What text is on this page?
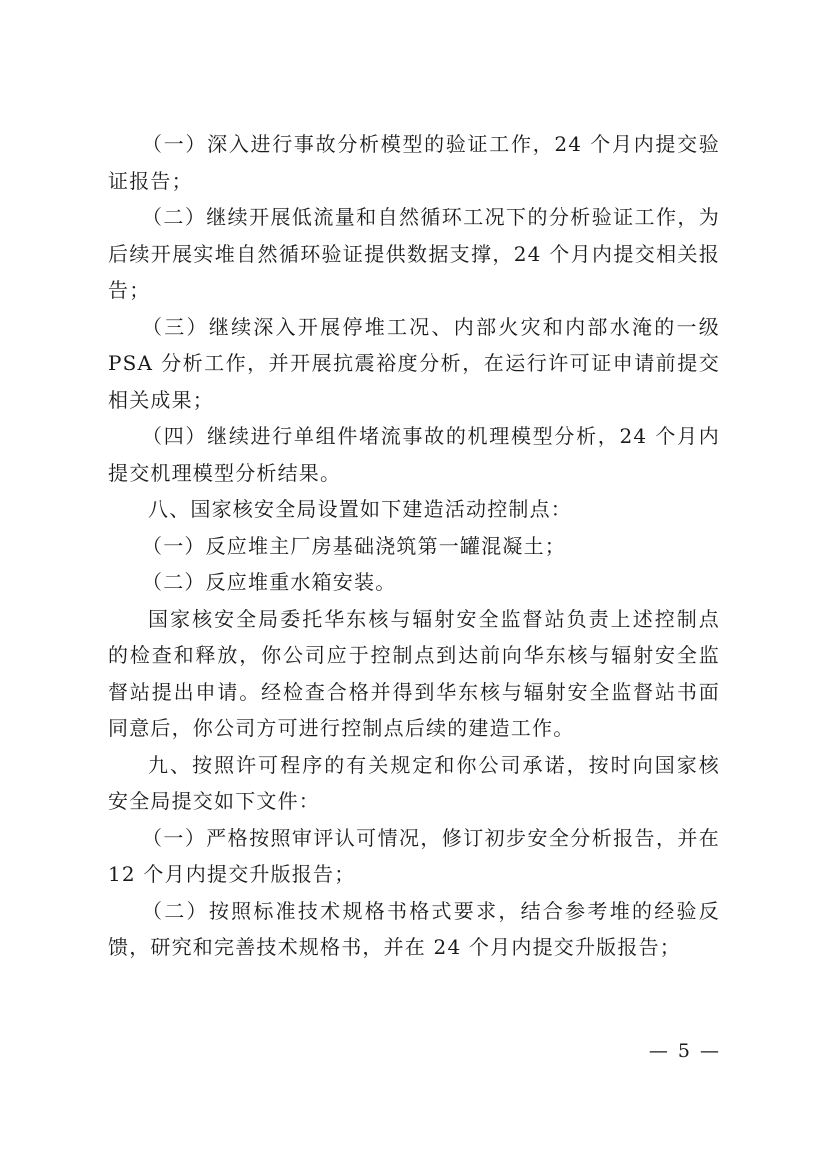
（一）深入进行事故分析模型的验证工作，24 个月内提交验证报告；

（二）继续开展低流量和自然循环工况下的分析验证工作，为后续开展实堆自然循环验证提供数据支撑，24 个月内提交相关报告；

（三）继续深入开展停堆工况、内部火灾和内部水淹的一级 PSA 分析工作，并开展抗震裕度分析，在运行许可证申请前提交相关成果；

（四）继续进行单组件堵流事故的机理模型分析，24 个月内提交机理模型分析结果。

八、国家核安全局设置如下建造活动控制点：

（一）反应堆主厂房基础浇筑第一罐混凝土；

（二）反应堆重水箱安装。

国家核安全局委托华东核与辐射安全监督站负责上述控制点的检查和释放，你公司应于控制点到达前向华东核与辐射安全监督站提出申请。经检查合格并得到华东核与辐射安全监督站书面同意后，你公司方可进行控制点后续的建造工作。

九、按照许可程序的有关规定和你公司承诺，按时向国家核安全局提交如下文件：

（一）严格按照审评认可情况，修订初步安全分析报告，并在 12 个月内提交升版报告；

（二）按照标准技术规格书格式要求，结合参考堆的经验反馈，研究和完善技术规格书，并在 24 个月内提交升版报告；

— 5 —
